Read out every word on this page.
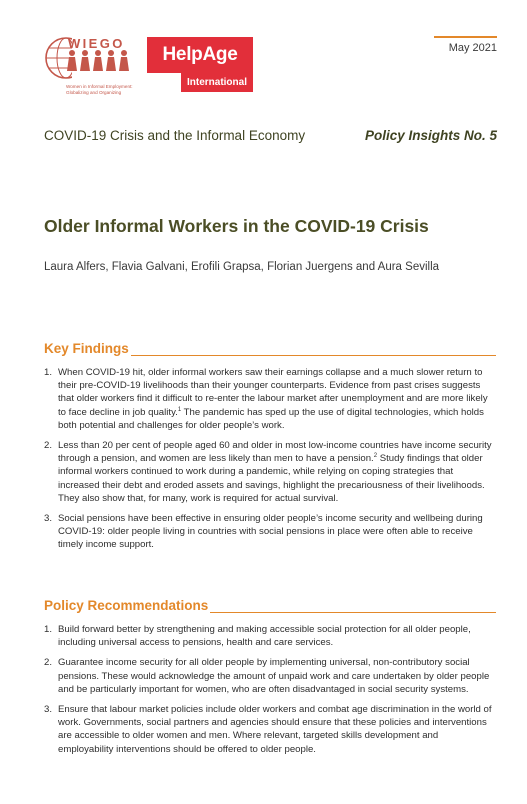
WIEGO
Women in Informal Employment: Globalizing and Organizing
HelpAge
International
May 2021
COVID-19 Crisis and the Informal Economy	Policy Insights No. 5
Older Informal Workers in the COVID-19 Crisis
Laura Alfers, Flavia Galvani, Erofili Grapsa, Florian Juergens and Aura Sevilla
Key Findings
1. When COVID-19 hit, older informal workers saw their earnings collapse and a much slower return to their pre-COVID-19 livelihoods than their younger counterparts. Evidence from past crises suggests that older workers find it difficult to re-enter the labour market after unemployment and are more likely to face decline in job quality.$^1$ The pandemic has sped up the use of digital technologies, which holds both potential and challenges for older people’s work.
2. Less than 20 per cent of people aged 60 and older in most low-income countries have income security through a pension, and women are less likely than men to have a pension.$^2$ Study findings that older informal workers continued to work during a pandemic, while relying on coping strategies that increased their debt and eroded assets and savings, highlight the precariousness of their livelihoods. They also show that, for many, work is required for actual survival.
3. Social pensions have been effective in ensuring older people’s income security and wellbeing during COVID-19: older people living in countries with social pensions in place were often able to receive timely income support.
Policy Recommendations
1. Build forward better by strengthening and making accessible social protection for all older people, including universal access to pensions, health and care services.
2. Guarantee income security for all older people by implementing universal, non-contributory social pensions. These would acknowledge the amount of unpaid work and care undertaken by older people and be particularly important for women, who are often disadvantaged in social security systems.
3. Ensure that labour market policies include older workers and combat age discrimination in the world of work. Governments, social partners and agencies should ensure that these policies and interventions are accessible to older women and men. Where relevant, targeted skills development and employability interventions should be offered to older people.
